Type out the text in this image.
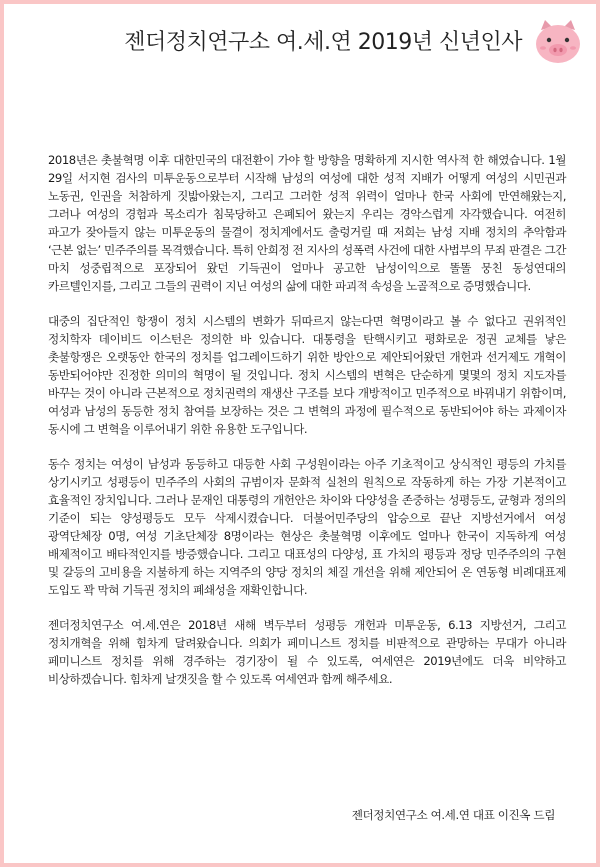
젠더정치연구소 여.세.연 2019년 신년인사

2018년은 촛불혁명 이후 대한민국의 대전환이 가야 할 방향을 명확하게 지시한 역사적 한 해였습니다. 1월 29일 서지현 검사의 미투운동으로부터 시작해 남성의 여성에 대한 성적 지배가 어떻게 여성의 시민권과 노동권, 인권을 처참하게 짓밟아왔는지, 그리고 그러한 성적 위력이 얼마나 한국 사회에 만연해왔는지, 그러나 여성의 경험과 목소리가 침묵당하고 은폐되어 왔는지 우리는 경악스럽게 자각했습니다. 여전히 파고가 잦아들지 않는 미투운동의 물결이 정치계에서도 출렁거릴 때 저희는 남성 지배 정치의 추악함과 ‘근본 없는’ 민주주의를 목격했습니다. 특히 안희정 전 지사의 성폭력 사건에 대한 사법부의 무죄 판결은 그간 마치 성중립적으로 포장되어 왔던 기득권이 얼마나 공고한 남성이익으로 똘똘 뭉친 동성연대의 카르텔인지를, 그리고 그들의 권력이 지닌 여성의 삶에 대한 파괴적 속성을 노골적으로 증명했습니다.

대중의 집단적인 항쟁이 정치 시스템의 변화가 뒤따르지 않는다면 혁명이라고 볼 수 없다고 권위적인 정치학자 데이비드 이스턴은 정의한 바 있습니다. 대통령을 탄핵시키고 평화로운 정권 교체를 낳은 촛불항쟁은 오랫동안 한국의 정치를 업그레이드하기 위한 방안으로 제안되어왔던 개헌과 선거제도 개혁이 동반되어야만 진정한 의미의 혁명이 될 것입니다. 정치 시스템의 변혁은 단순하게 몇몇의 정치 지도자를 바꾸는 것이 아니라 근본적으로 정치권력의 재생산 구조를 보다 개방적이고 민주적으로 바꿔내기 위함이며, 여성과 남성의 동등한 정치 참여를 보장하는 것은 그 변혁의 과정에 필수적으로 동반되어야 하는 과제이자 동시에 그 변혁을 이루어내기 위한 유용한 도구입니다.

동수 정치는 여성이 남성과 동등하고 대등한 사회 구성원이라는 아주 기초적이고 상식적인 평등의 가치를 상기시키고 성평등이 민주주의 사회의 규범이자 문화적 실천의 원칙으로 작동하게 하는 가장 기본적이고 효율적인 장치입니다. 그러나 문재인 대통령의 개헌안은 차이와 다양성을 존중하는 성평등도, 균형과 정의의 기준이 되는 양성평등도 모두 삭제시켰습니다. 더불어민주당의 압승으로 끝난 지방선거에서 여성 광역단체장 0명, 여성 기초단체장 8명이라는 현상은 촛불혁명 이후에도 얼마나 한국이 지독하게 여성 배제적이고 배타적인지를 방증했습니다. 그리고 대표성의 다양성, 표 가치의 평등과 정당 민주주의의 구현 및 갈등의 고비용을 지불하게 하는 지역주의 양당 정치의 체질 개선을 위해 제안되어 온 연동형 비례대표제 도입도 꽉 막혀 기득권 정치의 폐쇄성을 재확인합니다.

젠더정치연구소 여.세.연은 2018년 새해 벽두부터 성평등 개헌과 미투운동, 6.13 지방선거, 그리고 정치개혁을 위해 힘차게 달려왔습니다. 의회가 페미니스트 정치를 비판적으로 관망하는 무대가 아니라 페미니스트 정치를 위해 경주하는 경기장이 될 수 있도록, 여세연은 2019년에도 더욱 비약하고 비상하겠습니다. 힘차게 날갯짓을 할 수 있도록 여세연과 함께 해주세요.

젠더정치연구소 여.세.연 대표 이진옥 드림
